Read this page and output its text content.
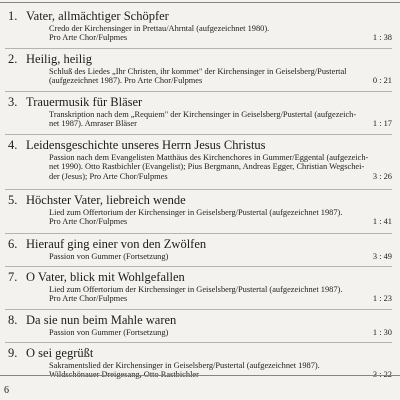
1. Vater, allmächtiger Schöpfer
Credo der Kirchensinger in Prettau/Ahrntal (aufgezeichnet 1980).
Pro Arte Chor/Fulpmes	1 : 38
2. Heilig, heilig
Schluß des Liedes „Ihr Christen, ihr kommet" der Kirchensinger in Geiselsberg/Pustertal
(aufgezeichnet 1987). Pro Arte Chor/Fulpmes	0 : 21
3. Trauermusik für Bläser
Transkription nach dem „Requiem" der Kirchensinger in Geiselsberg/Pustertal (aufgezeich-
net 1987). Amraser Bläser	1 : 17
4. Leidensgeschichte unseres Herrn Jesus Christus
Passion nach dem Evangelisten Matthäus des Kirchenchores in Gummer/Eggental (aufgezeich-
net 1990). Otto Rastbichler (Evangelist); Pius Bergmann, Andreas Egger, Christian Wegschei-
der (Jesus); Pro Arte Chor/Fulpmes	3 : 26
5. Höchster Vater, liebreich wende
Lied zum Offertorium der Kirchensinger in Geiselsberg/Pustertal (aufgezeichnet 1987).
Pro Arte Chor/Fulpmes	1 : 41
6. Hierauf ging einer von den Zwölfen
Passion von Gummer (Fortsetzung)	3 : 49
7. O Vater, blick mit Wohlgefallen
Lied zum Offertorium der Kirchensinger in Geiselsberg/Pustertal (aufgezeichnet 1987).
Pro Arte Chor/Fulpmes	1 : 23
8. Da sie nun beim Mahle waren
Passion von Gummer (Fortsetzung)	1 : 30
9. O sei gegrüßt
Sakramentslied der Kirchensinger in Geiselsberg/Pustertal (aufgezeichnet 1987).
Wildschönauer Dreigesang, Otto Rastbichler	3 : 22
6
